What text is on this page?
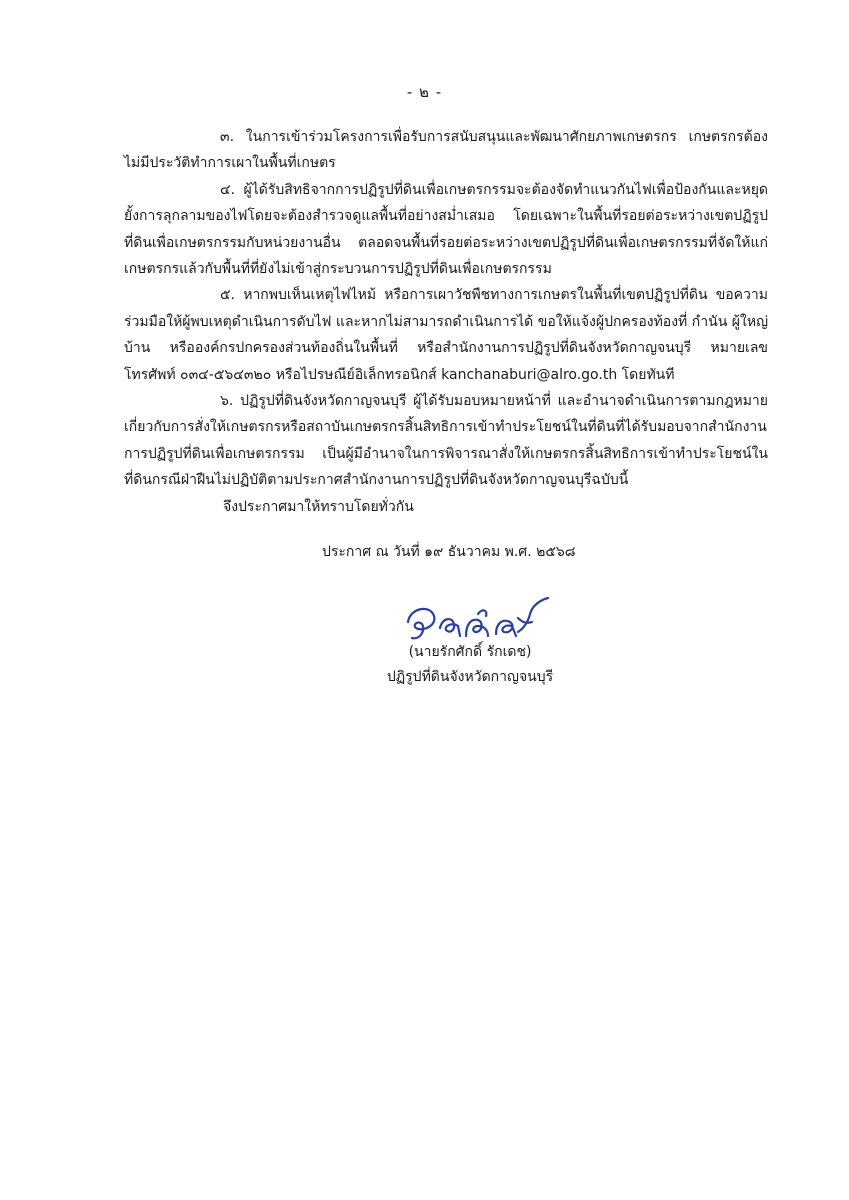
- ๒ -

๓. ในการเข้าร่วมโครงการเพื่อรับการสนับสนุนและพัฒนาศักยภาพเกษตรกร เกษตรกรต้องไม่มีประวัติทำการเผาในพื้นที่เกษตร

๔. ผู้ได้รับสิทธิจากการปฏิรูปที่ดินเพื่อเกษตรกรรมจะต้องจัดทำแนวกันไฟเพื่อป้องกันและหยุดยั้งการลุกลามของไฟโดยจะต้องสำรวจดูแลพื้นที่อย่างสม่ำเสมอ โดยเฉพาะในพื้นที่รอยต่อระหว่างเขตปฏิรูปที่ดินเพื่อเกษตรกรรมกับหน่วยงานอื่น ตลอดจนพื้นที่รอยต่อระหว่างเขตปฏิรูปที่ดินเพื่อเกษตรกรรมที่จัดให้แก่เกษตรกรแล้วกับพื้นที่ที่ยังไม่เข้าสู่กระบวนการปฏิรูปที่ดินเพื่อเกษตรกรรม

๕. หากพบเห็นเหตุไฟไหม้ หรือการเผาวัชพืชทางการเกษตรในพื้นที่เขตปฏิรูปที่ดิน ขอความร่วมมือให้ผู้พบเหตุดำเนินการดับไฟ และหากไม่สามารถดำเนินการได้ ขอให้แจ้งผู้ปกครองท้องที่ กำนัน ผู้ใหญ่บ้าน หรือองค์กรปกครองส่วนท้องถิ่นในพื้นที่ หรือสำนักงานการปฏิรูปที่ดินจังหวัดกาญจนบุรี หมายเลขโทรศัพท์ ๐๓๔-๕๖๔๓๒๐ หรือไปรษณีย์อิเล็กทรอนิกส์ kanchanaburi@alro.go.th โดยทันที

๖. ปฏิรูปที่ดินจังหวัดกาญจนบุรี ผู้ได้รับมอบหมายหน้าที่ และอำนาจดำเนินการตามกฎหมายเกี่ยวกับการสั่งให้เกษตรกรหรือสถาบันเกษตรกรสิ้นสิทธิการเข้าทำประโยชน์ในที่ดินที่ได้รับมอบจากสำนักงานการปฏิรูปที่ดินเพื่อเกษตรกรรม เป็นผู้มีอำนาจในการพิจารณาสั่งให้เกษตรกรสิ้นสิทธิการเข้าทำประโยชน์ในที่ดินกรณีฝ่าฝืนไม่ปฏิบัติตามประกาศสำนักงานการปฏิรูปที่ดินจังหวัดกาญจนบุรีฉบับนี้

จึงประกาศมาให้ทราบโดยทั่วกัน
ประกาศ ณ วันที่ ๑๙ ธันวาคม พ.ศ. ๒๕๖๘
(นายรักศักดิ์ รักเดช)
ปฏิรูปที่ดินจังหวัดกาญจนบุรี
